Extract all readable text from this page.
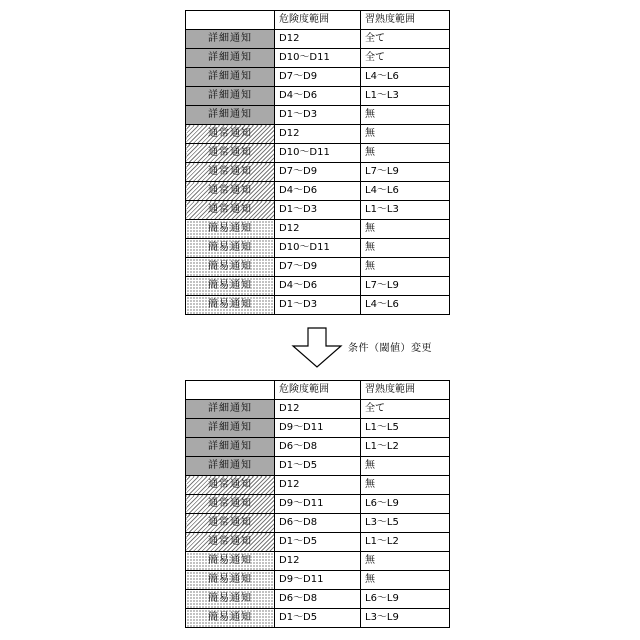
	危険度範囲	習熟度範囲
詳細通知	D12	全て
詳細通知	D10〜D11	全て
詳細通知	D7〜D9	L4〜L6
詳細通知	D4〜D6	L1〜L3
詳細通知	D1〜D3	無
通常通知	D12	無
通常通知	D10〜D11	無
通常通知	D7〜D9	L7〜L9
通常通知	D4〜D6	L4〜L6
通常通知	D1〜D3	L1〜L3
簡易通知	D12	無
簡易通知	D10〜D11	無
簡易通知	D7〜D9	無
簡易通知	D4〜D6	L7〜L9
簡易通知	D1〜D3	L4〜L6
条件（閾値）変更
	危険度範囲	習熟度範囲
詳細通知	D12	全て
詳細通知	D9〜D11	L1〜L5
詳細通知	D6〜D8	L1〜L2
詳細通知	D1〜D5	無
通常通知	D12	無
通常通知	D9〜D11	L6〜L9
通常通知	D6〜D8	L3〜L5
通常通知	D1〜D5	L1〜L2
簡易通知	D12	無
簡易通知	D9〜D11	無
簡易通知	D6〜D8	L6〜L9
簡易通知	D1〜D5	L3〜L9
